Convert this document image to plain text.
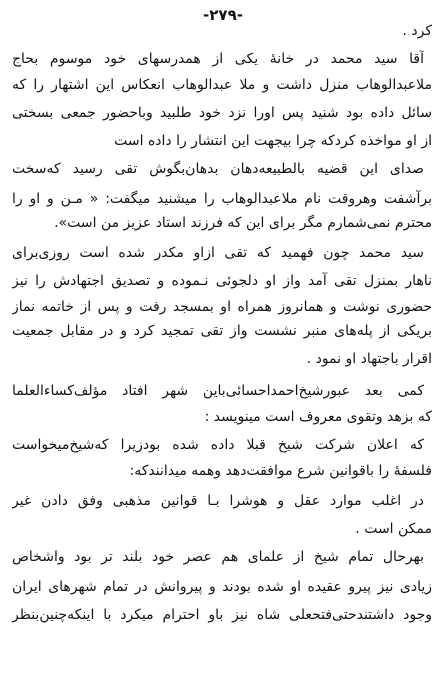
-۲۷۹-
کرد .
آقا سید محمد در خانهٔ یکی از همدرسهای خود موسوم بحاج
ملاعبدالوهاب منزل داشت و ملا عبدالوهاب انعکاس این اشتهار را که
سائل داده بود شنید پس اورا نزد خود طلبید وباحضور جمعی بسختی
از او مواخذه کردکه چرا بیجهت این انتشار را داده است
صدای این قضیه بالطبیعه‌دهان بدهان‌بگوش تقی رسید که‌سخت
برآشفت وهروقت نام ملاعبدالوهاب را میشنید میگفت: « مـن و او را
محترم نمی‌شمارم مگر برای این که فرزند استاد عزیز من است».
سید محمد چون فهمید که تقی ازاو مکدر شده است روزی‌برای
ناهار بمنزل تقی آمد واز او دلجوئی نـموده و تصدیق اجتهادش را نیز
حضوری نوشت و همانروز همراه او بمسجد رفت و پس از خاتمه نماز
بریکی از پله‌های منبر نشست واز تقی تمجید کرد و در مقابل جمعیت
اقرار باجتهاد او نمود .
کمی بعد عبورشیخ‌احمداحسائی‌باین شهر افتاد مؤلف‌کساءالعلما
که بزهد وتقوی معروف است مینویسد :
که اعلان شرکت شیخ قبلا داده شده بودزیرا که‌شیخ‌میخواست
فلسفهٔ را باقوانین شرع موافقت‌دهد وهمه میدانندکه:
در اغلب موارد عقل و هوشرا بـا قوانین مذهبی وفق دادن غیر
ممکن است .
بهرحال تمام شیخ از علمای هم عصر خود بلند تر بود واشخاص
زیادی نیز پیرو عقیده او شده بودند و پیروانش در تمام شهرهای ایران
وجود داشتندحتی‌فتحعلی شاه نیز باو احترام میکرد با اینکه‌چنین‌بنظر
